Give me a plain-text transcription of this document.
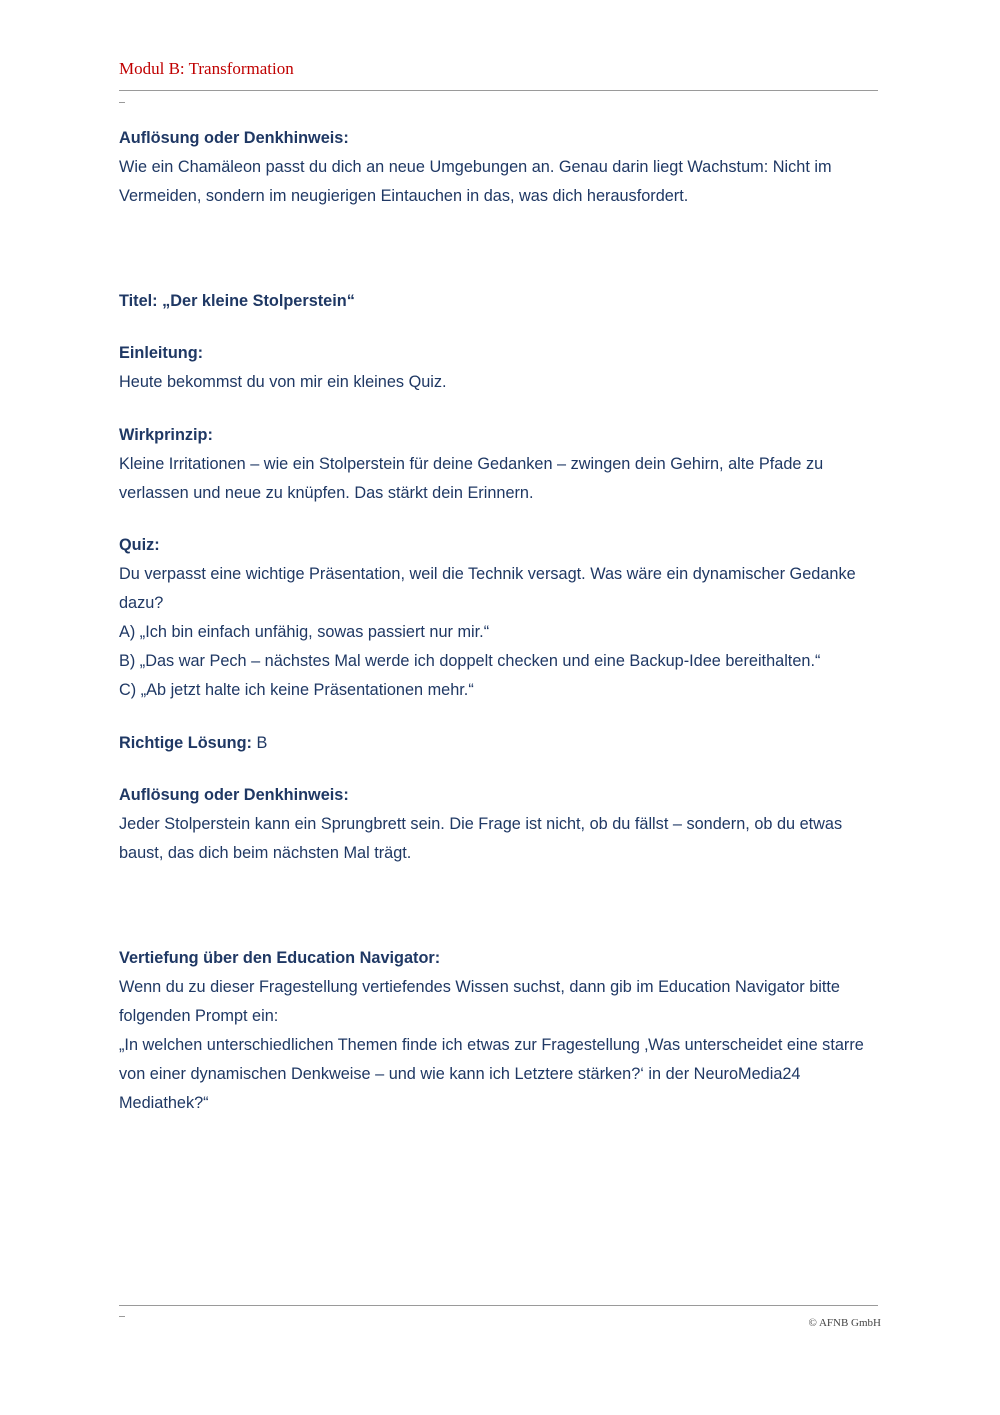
Modul B: Transformation
Auflösung oder Denkhinweis:
Wie ein Chamäleon passt du dich an neue Umgebungen an. Genau darin liegt Wachstum: Nicht im Vermeiden, sondern im neugierigen Eintauchen in das, was dich herausfordert.
Titel: „Der kleine Stolperstein“
Einleitung:
Heute bekommst du von mir ein kleines Quiz.
Wirkprinzip:
Kleine Irritationen – wie ein Stolperstein für deine Gedanken – zwingen dein Gehirn, alte Pfade zu verlassen und neue zu knüpfen. Das stärkt dein Erinnern.
Quiz:
Du verpasst eine wichtige Präsentation, weil die Technik versagt. Was wäre ein dynamischer Gedanke dazu?
A) „Ich bin einfach unfähig, sowas passiert nur mir.“
B) „Das war Pech – nächstes Mal werde ich doppelt checken und eine Backup-Idee bereithalten.“
C) „Ab jetzt halte ich keine Präsentationen mehr.“
Richtige Lösung: B
Auflösung oder Denkhinweis:
Jeder Stolperstein kann ein Sprungbrett sein. Die Frage ist nicht, ob du fällst – sondern, ob du etwas baust, das dich beim nächsten Mal trägt.
Vertiefung über den Education Navigator:
Wenn du zu dieser Fragestellung vertiefendes Wissen suchst, dann gib im Education Navigator bitte folgenden Prompt ein:
„In welchen unterschiedlichen Themen finde ich etwas zur Fragestellung ‚Was unterscheidet eine starre von einer dynamischen Denkweise – und wie kann ich Letztere stärken?‘ in der NeuroMedia24 Mediathek?“
© AFNB GmbH
